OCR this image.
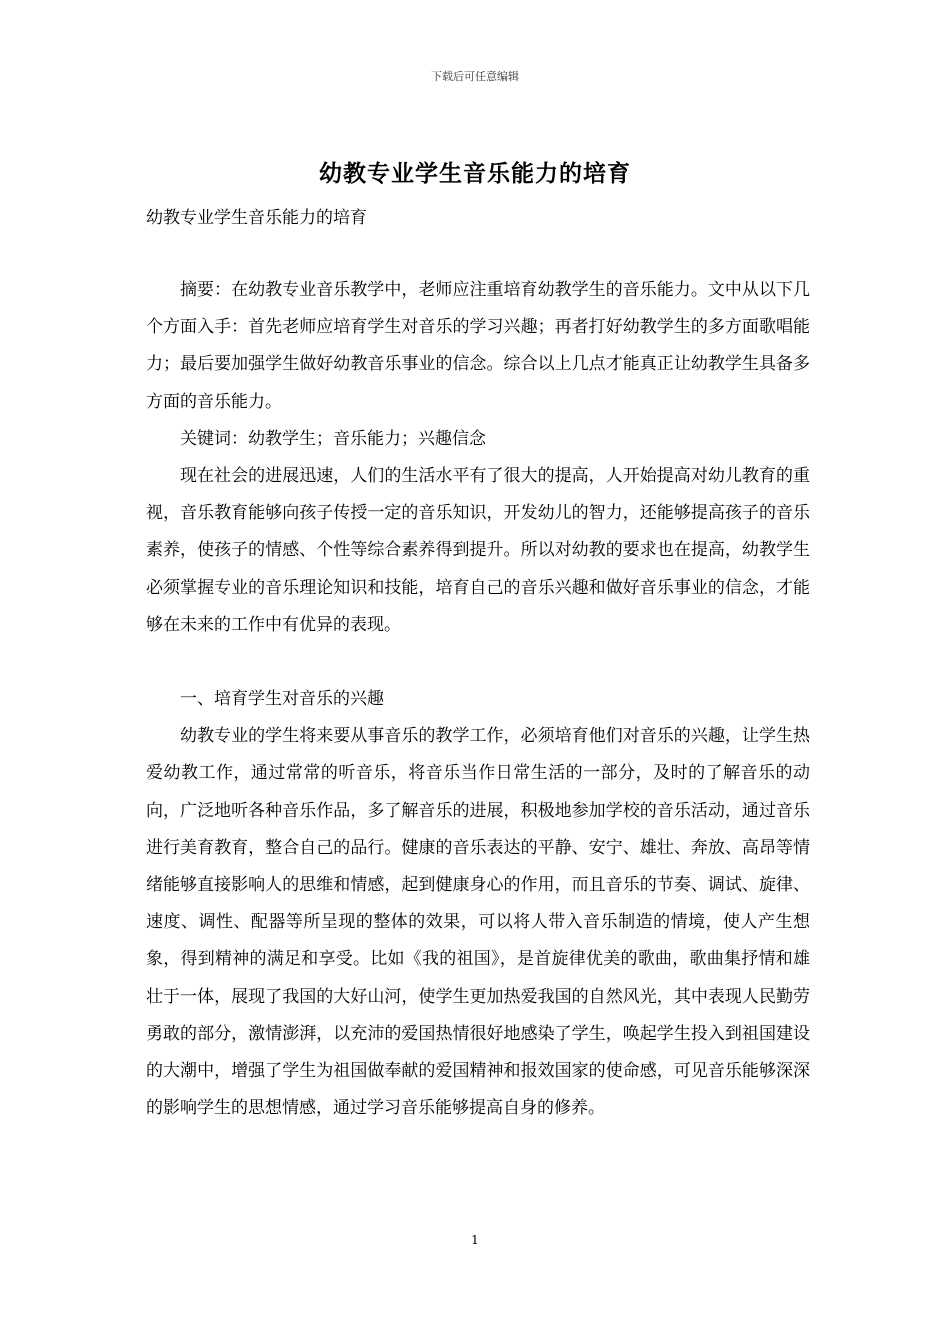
下载后可任意编辑
幼教专业学生音乐能力的培育
幼教专业学生音乐能力的培育

摘要：在幼教专业音乐教学中，老师应注重培育幼教学生的音乐能力。文中从以下几个方面入手：首先老师应培育学生对音乐的学习兴趣；再者打好幼教学生的多方面歌唱能力；最后要加强学生做好幼教音乐事业的信念。综合以上几点才能真正让幼教学生具备多方面的音乐能力。

关键词：幼教学生；音乐能力；兴趣信念

现在社会的进展迅速，人们的生活水平有了很大的提高，人开始提高对幼儿教育的重视，音乐教育能够向孩子传授一定的音乐知识，开发幼儿的智力，还能够提高孩子的音乐素养，使孩子的情感、个性等综合素养得到提升。所以对幼教的要求也在提高，幼教学生必须掌握专业的音乐理论知识和技能，培育自己的音乐兴趣和做好音乐事业的信念，才能够在未来的工作中有优异的表现。

一、培育学生对音乐的兴趣

幼教专业的学生将来要从事音乐的教学工作，必须培育他们对音乐的兴趣，让学生热爱幼教工作，通过常常的听音乐，将音乐当作日常生活的一部分，及时的了解音乐的动向，广泛地听各种音乐作品，多了解音乐的进展，积极地参加学校的音乐活动，通过音乐进行美育教育，整合自己的品行。健康的音乐表达的平静、安宁、雄壮、奔放、高昂等情绪能够直接影响人的思维和情感，起到健康身心的作用，而且音乐的节奏、调试、旋律、速度、调性、配器等所呈现的整体的效果，可以将人带入音乐制造的情境，使人产生想象，得到精神的满足和享受。比如《我的祖国》，是首旋律优美的歌曲，歌曲集抒情和雄壮于一体，展现了我国的大好山河，使学生更加热爱我国的自然风光，其中表现人民勤劳勇敢的部分，激情澎湃，以充沛的爱国热情很好地感染了学生，唤起学生投入到祖国建设的大潮中，增强了学生为祖国做奉献的爱国精神和报效国家的使命感，可见音乐能够深深的影响学生的思想情感，通过学习音乐能够提高自身的修养。

1
